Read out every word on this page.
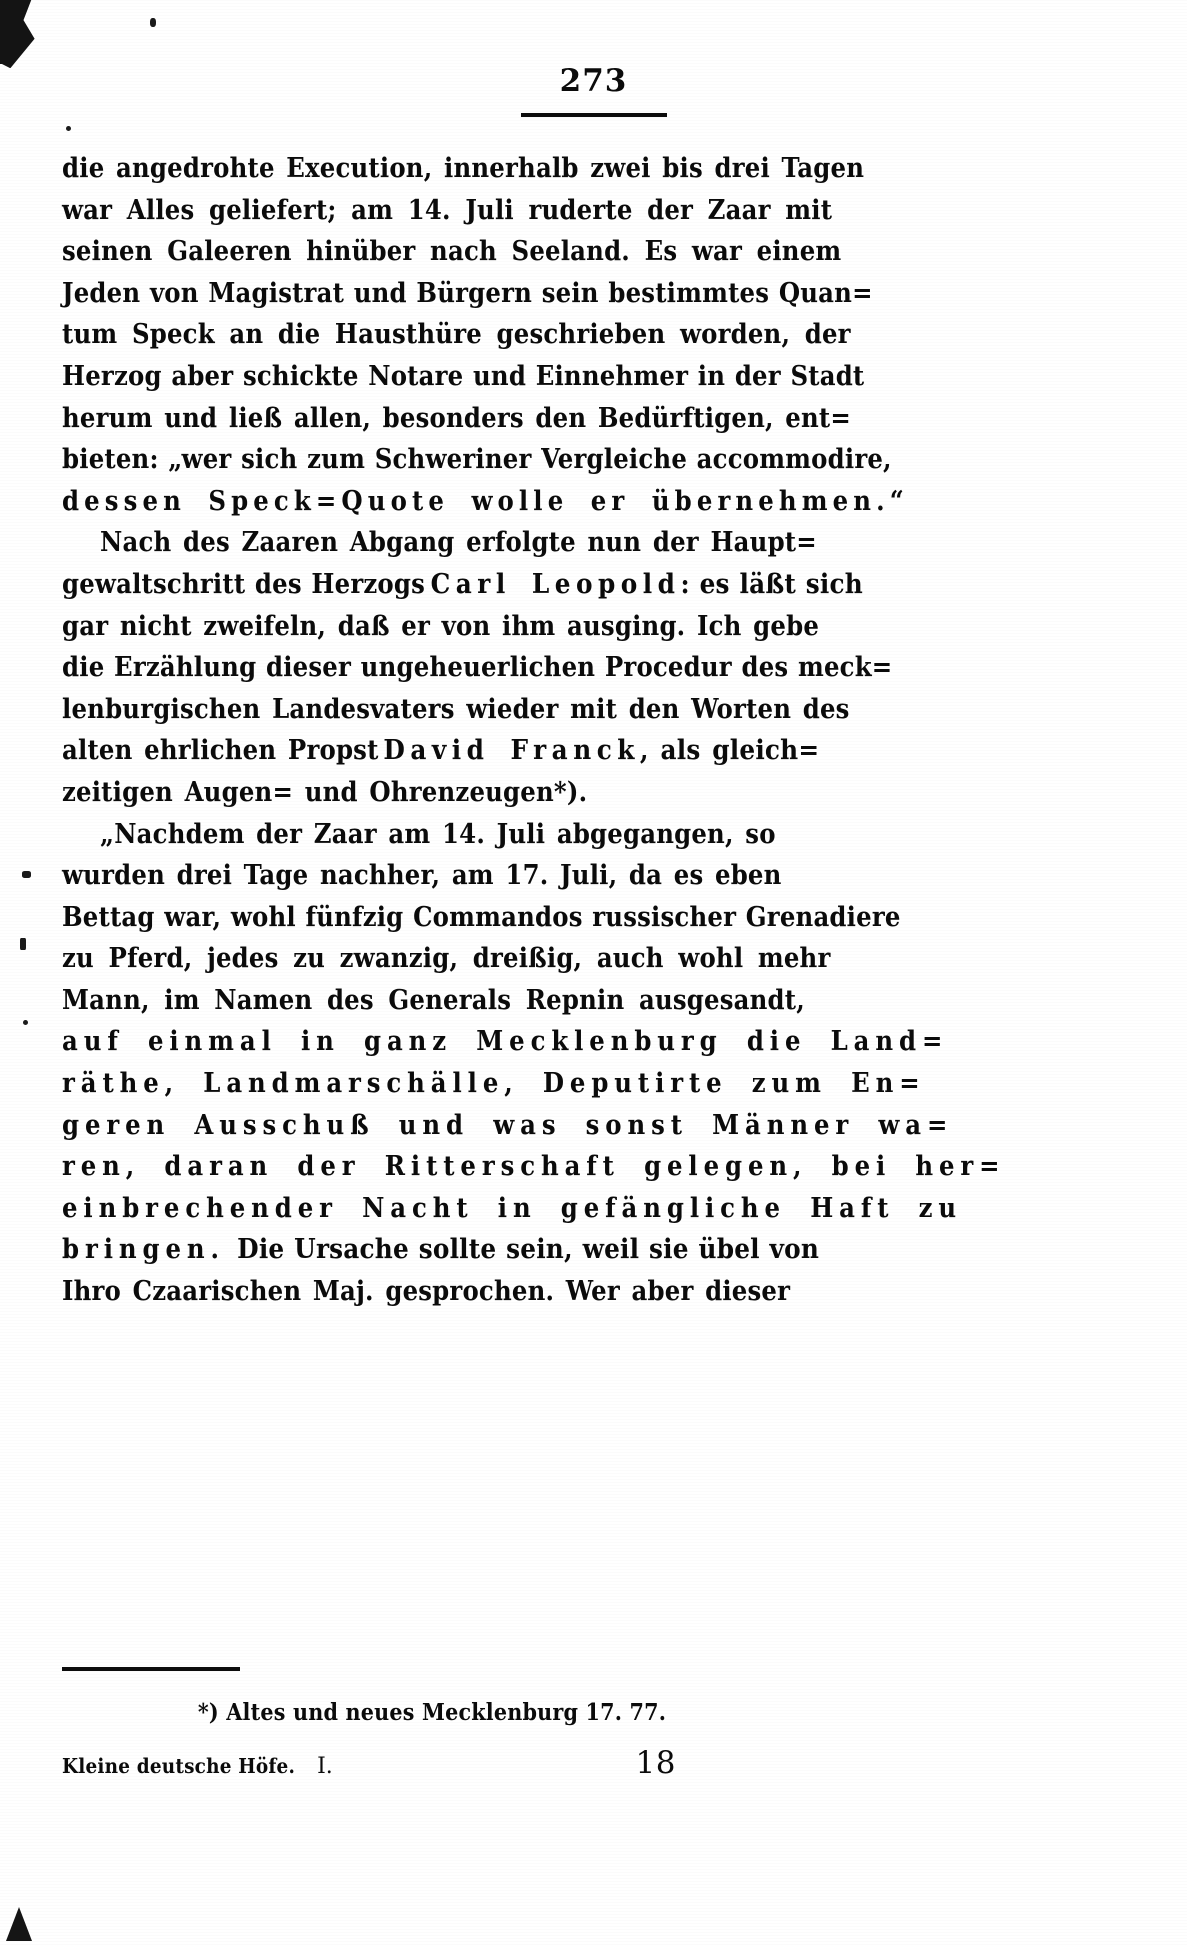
273
die angedrohte Execution, innerhalb zwei bis drei Tagen
war Alles geliefert; am 14. Juli ruderte der Zaar mit
seinen Galeeren hinüber nach Seeland. Es war einem
Jeden von Magistrat und Bürgern sein bestimmtes Quan=
tum Speck an die Hausthüre geschrieben worden, der
Herzog aber schickte Notare und Einnehmer in der Stadt
herum und ließ allen, besonders den Bedürftigen, ent=
bieten: „wer sich zum Schweriner Vergleiche accommodire,
dessen Speck=Quote wolle er übernehmen.“
Nach des Zaaren Abgang erfolgte nun der Haupt=
gewaltschritt des HerzogsCarl Leopold: es läßt sich
gar nicht zweifeln, daß er von ihm ausging. Ich gebe
die Erzählung dieser ungeheuerlichen Procedur des meck=
lenburgischen Landesvaters wieder mit den Worten des
alten ehrlichen PropstDavid Franck, als gleich=
zeitigen Augen= und Ohrenzeugen*).
„Nachdem der Zaar am 14. Juli abgegangen, so
wurden drei Tage nachher, am 17. Juli, da es eben
Bettag war, wohl fünfzig Commandos russischer Grenadiere
zu Pferd, jedes zu zwanzig, dreißig, auch wohl mehr
Mann, im Namen des Generals Repnin ausgesandt,
auf einmal in ganz Mecklenburg die Land=
räthe, Landmarschälle, Deputirte zum En=
geren Ausschuß und was sonst Männer wa=
ren, daran der Ritterschaft gelegen, bei her=
einbrechender Nacht in gefängliche Haft zu
bringen. Die Ursache sollte sein, weil sie übel von
Ihro Czaarischen Maj. gesprochen. Wer aber dieser
*) Altes und neues Mecklenburg 17. 77.
Kleine deutsche Höfe. I.	18
